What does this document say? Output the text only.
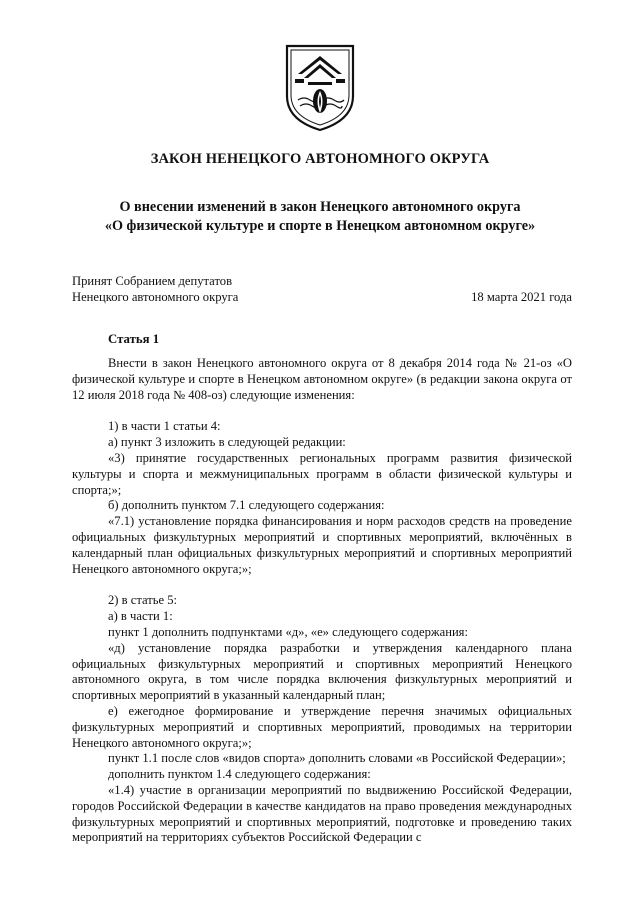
ЗАКОН НЕНЕЦКОГО АВТОНОМНОГО ОКРУГА
О внесении изменений в закон Ненецкого автономного округа
«О физической культуре и спорте в Ненецком автономном округе»
Принят Собранием депутатов
Ненецкого автономного округа	18 марта 2021 года
Статья 1

Внести в закон Ненецкого автономного округа от 8 декабря 2014 года № 21-оз «О физической культуре и спорте в Ненецком автономном округе» (в редакции закона округа от 12 июля 2018 года № 408-оз) следующие изменения:

1) в части 1 статьи 4:

а) пункт 3 изложить в следующей редакции:

«3) принятие государственных региональных программ развития физической культуры и спорта и межмуниципальных программ в области физической культуры и спорта;»;

б) дополнить пунктом 7.1 следующего содержания:

«7.1) установление порядка финансирования и норм расходов средств на проведение официальных физкультурных мероприятий и спортивных мероприятий, включённых в календарный план официальных физкультурных мероприятий и спортивных мероприятий Ненецкого автономного округа;»;

2) в статье 5:

а) в части 1:

пункт 1 дополнить подпунктами «д», «е» следующего содержания:

«д) установление порядка разработки и утверждения календарного плана официальных физкультурных мероприятий и спортивных мероприятий Ненецкого автономного округа, в том числе порядка включения физкультурных мероприятий и спортивных мероприятий в указанный календарный план;

е) ежегодное формирование и утверждение перечня значимых официальных физкультурных мероприятий и спортивных мероприятий, проводимых на территории Ненецкого автономного округа;»;

пункт 1.1 после слов «видов спорта» дополнить словами «в Российской Федерации»;

дополнить пунктом 1.4 следующего содержания:

«1.4) участие в организации мероприятий по выдвижению Российской Федерации, городов Российской Федерации в качестве кандидатов на право проведения международных физкультурных мероприятий и спортивных мероприятий, подготовке и проведению таких мероприятий на территориях субъектов Российской Федерации с
